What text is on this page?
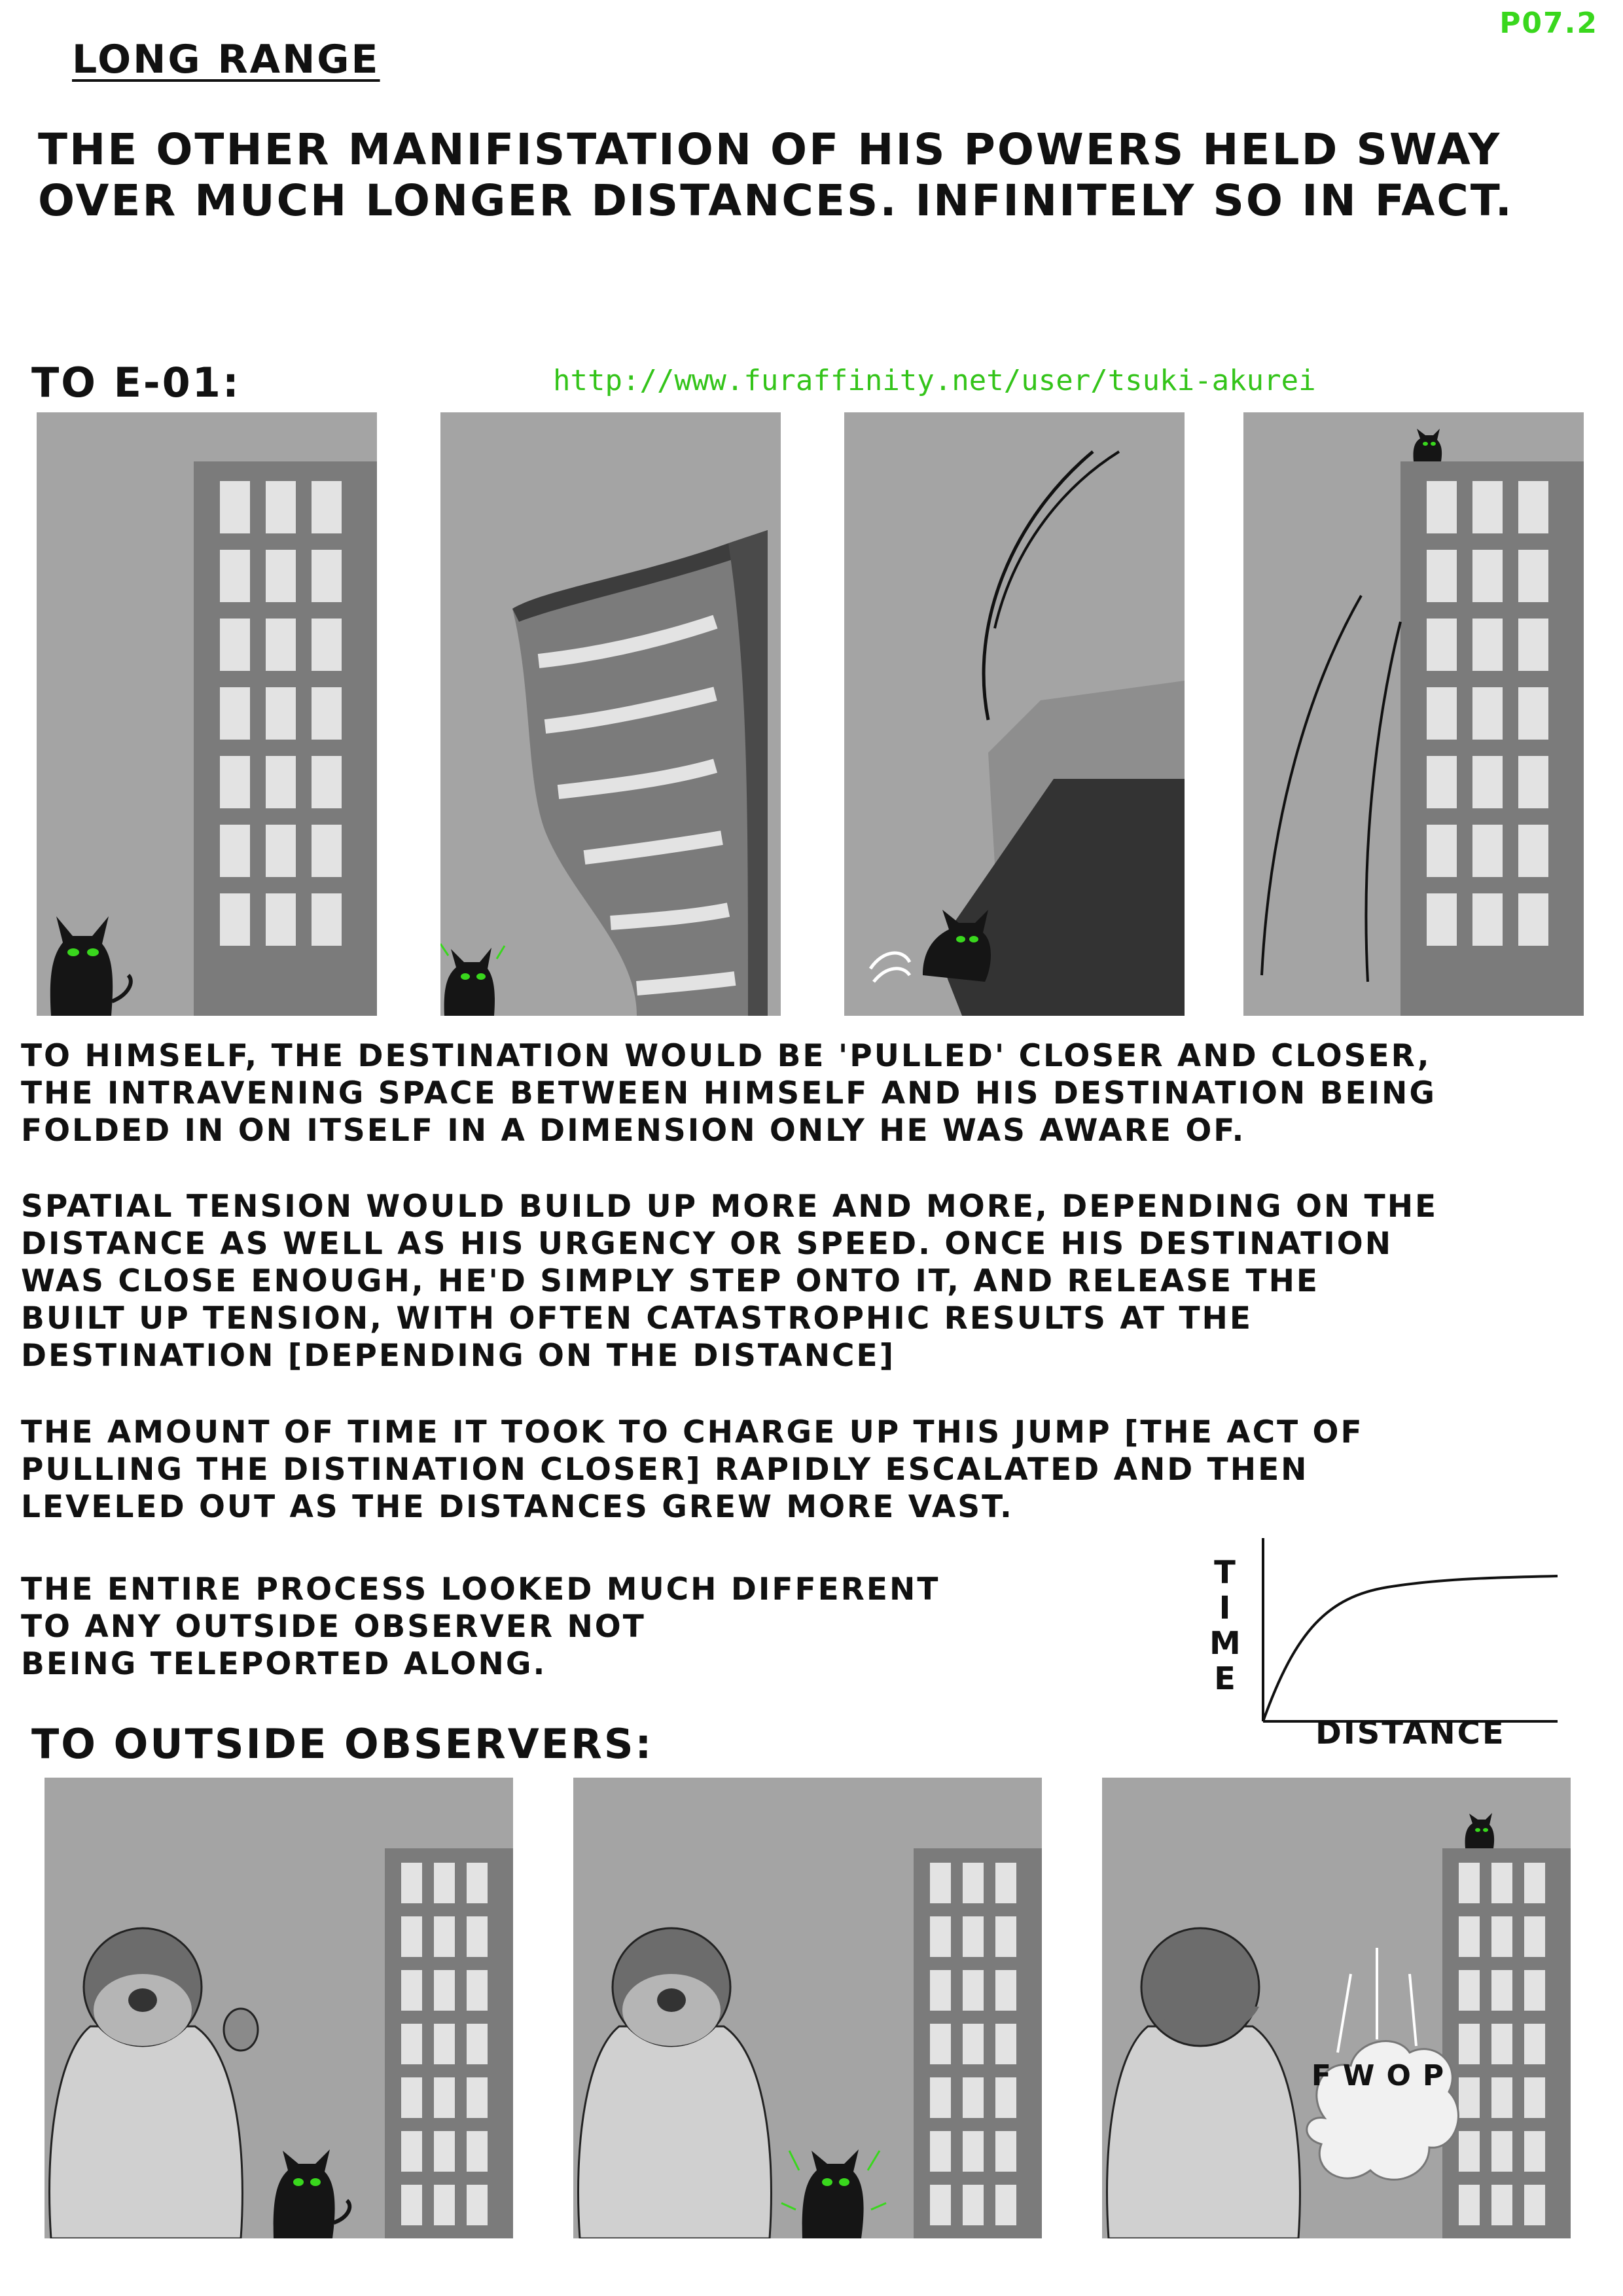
P07.2
LONG RANGE
THE OTHER MANIFISTATION OF HIS POWERS HELD SWAY OVER MUCH LONGER DISTANCES. INFINITELY SO IN FACT.
TO E-01:	http://www.furaffinity.net/user/tsuki-akurei
TO HIMSELF, THE DESTINATION WOULD BE 'PULLED' CLOSER AND CLOSER,
THE INTRAVENING SPACE BETWEEN HIMSELF AND HIS DESTINATION BEING
FOLDED IN ON ITSELF IN A DIMENSION ONLY HE WAS AWARE OF.
SPATIAL TENSION WOULD BUILD UP MORE AND MORE, DEPENDING ON THE
DISTANCE AS WELL AS HIS URGENCY OR SPEED. ONCE HIS DESTINATION
WAS CLOSE ENOUGH, HE'D SIMPLY STEP ONTO IT, AND RELEASE THE
BUILT UP TENSION, WITH OFTEN CATASTROPHIC RESULTS AT THE
DESTINATION [DEPENDING ON THE DISTANCE]
THE AMOUNT OF TIME IT TOOK TO CHARGE UP THIS JUMP [THE ACT OF
PULLING THE DISTINATION CLOSER] RAPIDLY ESCALATED AND THEN
LEVELED OUT AS THE DISTANCES GREW MORE VAST.
THE ENTIRE PROCESS LOOKED MUCH DIFFERENT
TO ANY OUTSIDE OBSERVER NOT
BEING TELEPORTED ALONG.
T
I
M
E
DISTANCE
TO OUTSIDE OBSERVERS:
FWOP
